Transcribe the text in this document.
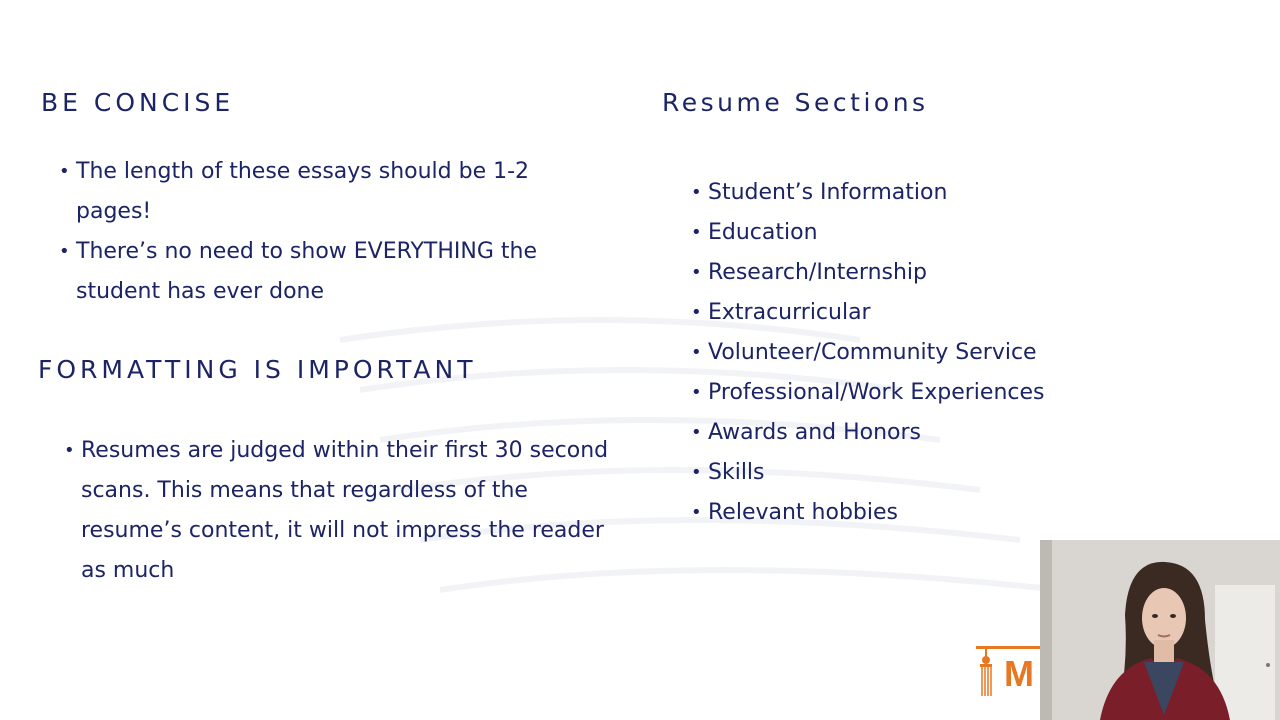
BE CONCISE
• The length of these essays should be 1-2 pages!
• There’s no need to show EVERYTHING the student has ever done
FORMATTING IS IMPORTANT
• Resumes are judged within their first 30 second scans. This means that regardless of the resume’s content, it will not impress the reader as much
Resume Sections
• Student’s Information
• Education
• Research/Internship
• Extracurricular
• Volunteer/Community Service
• Professional/Work Experiences
• Awards and Honors
• Skills
• Relevant hobbies
M
